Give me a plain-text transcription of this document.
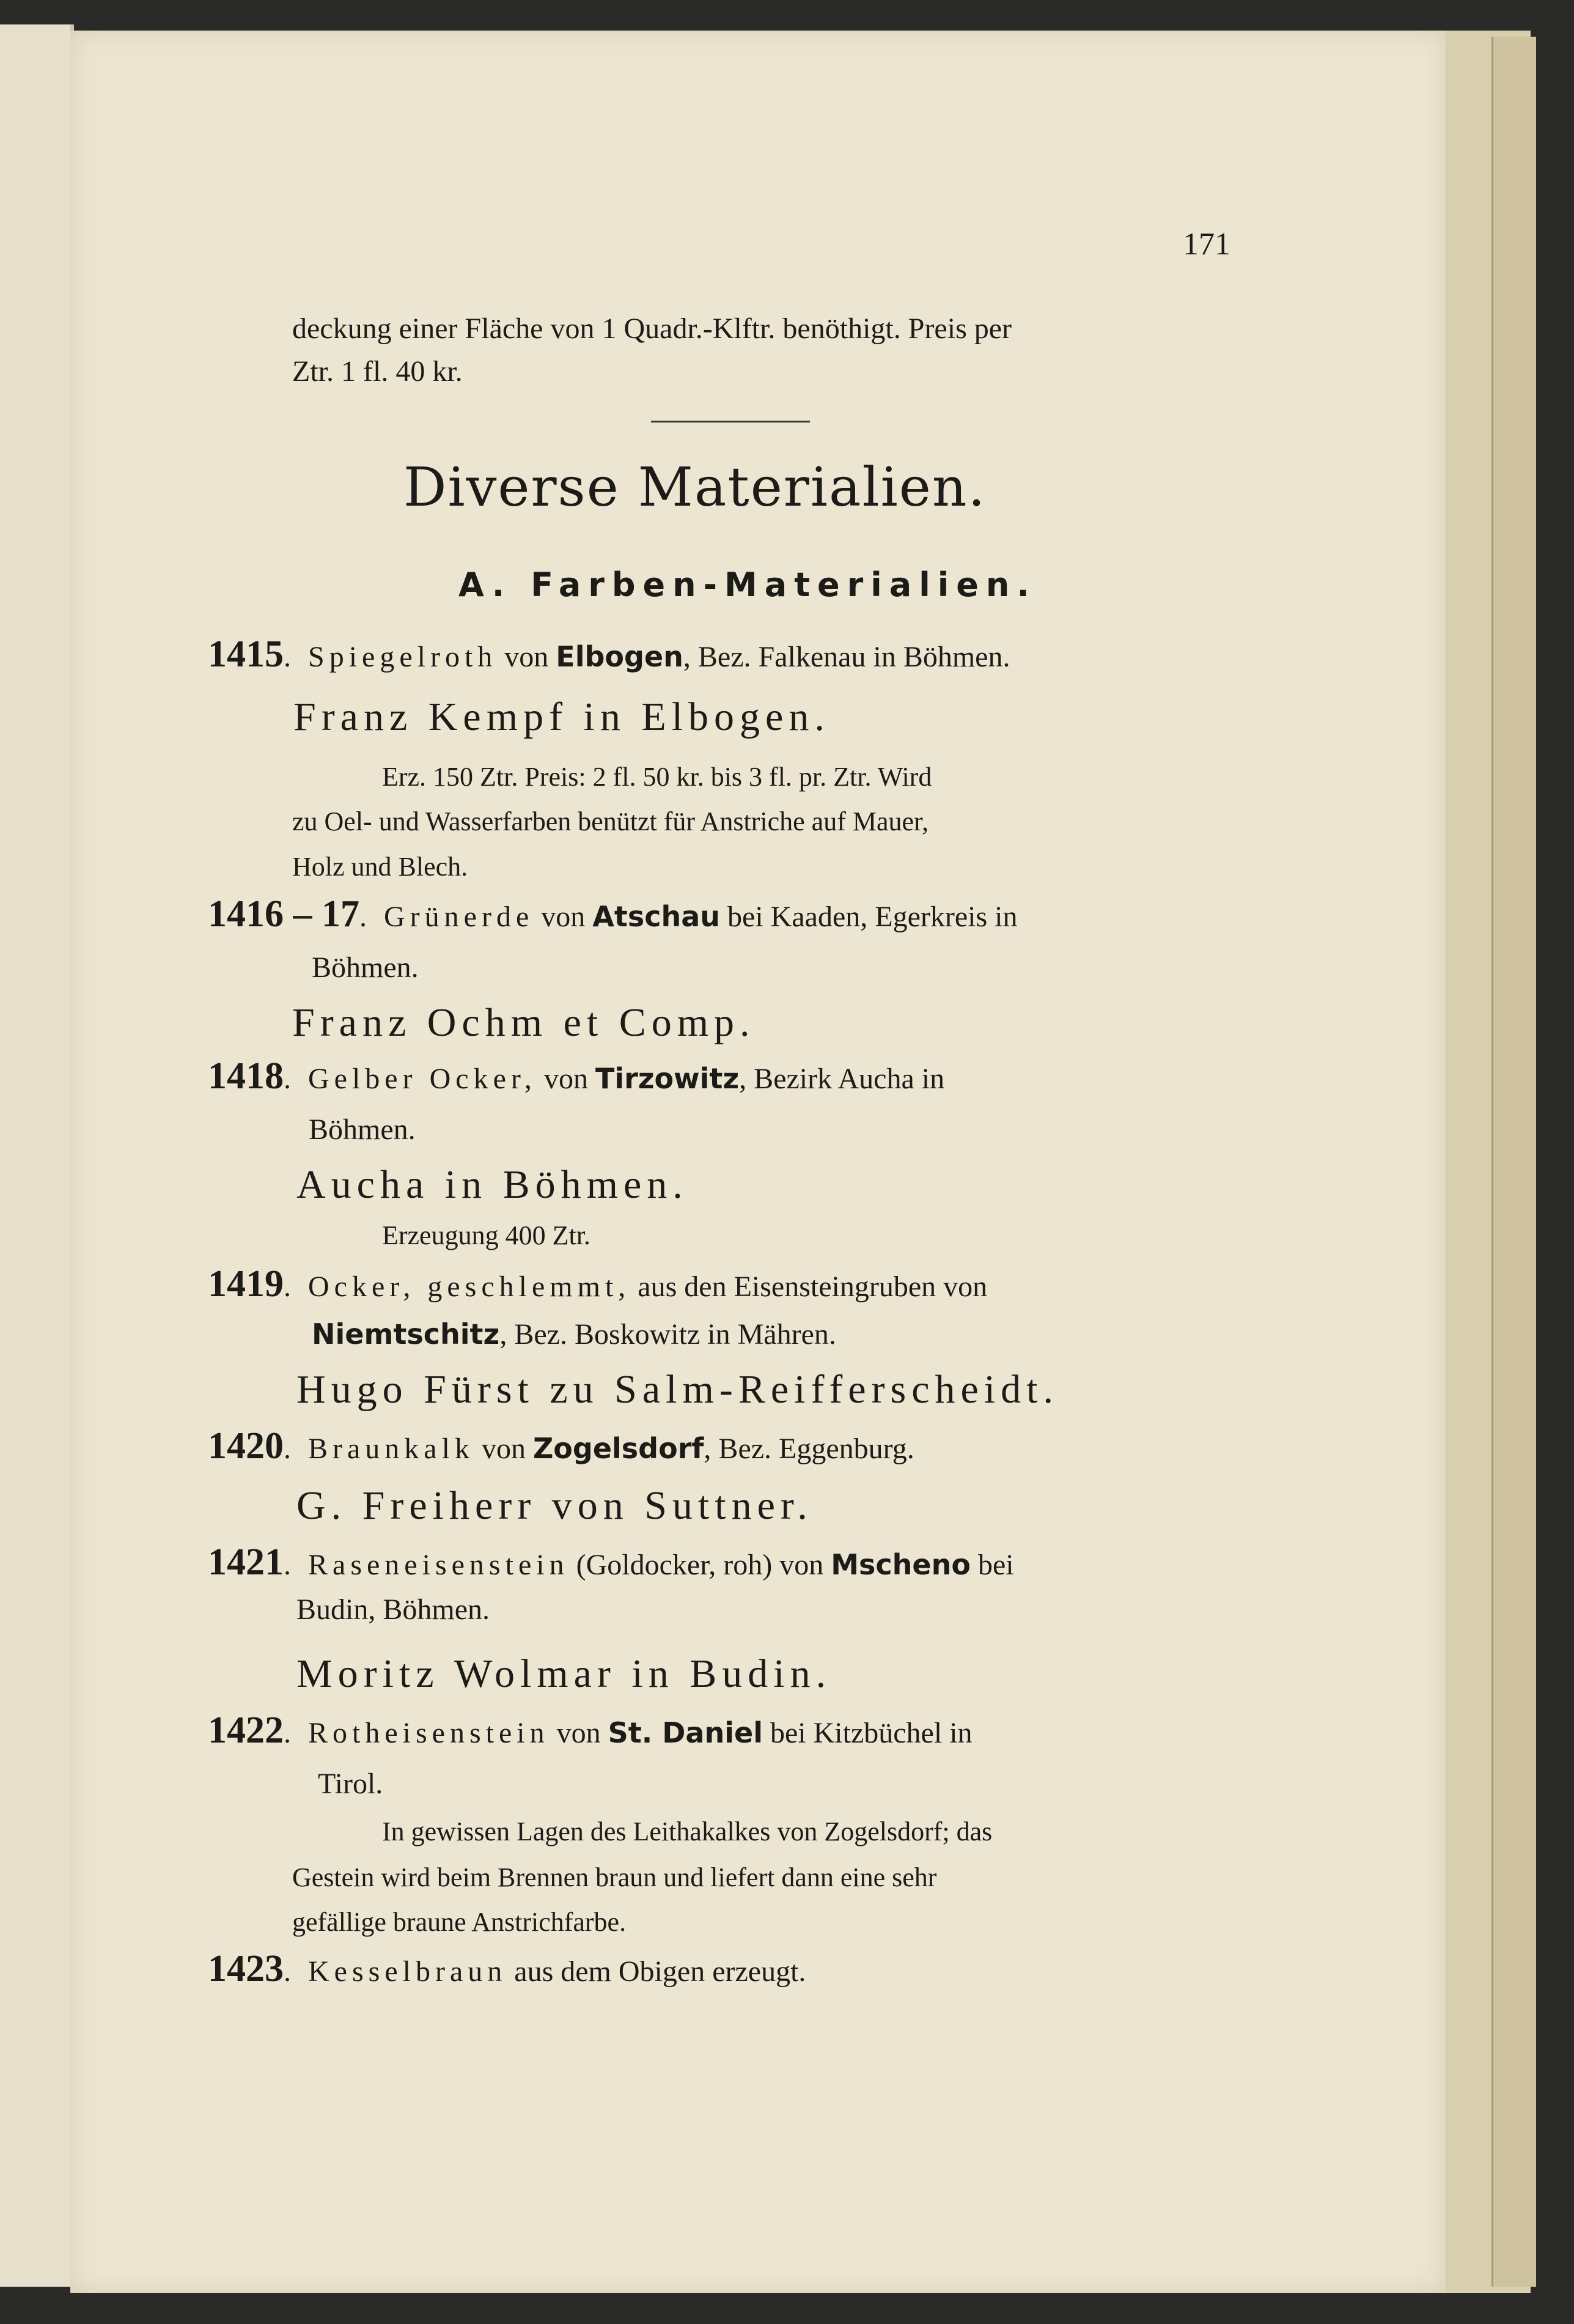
171
deckung einer Fläche von 1 Quadr.-Klftr. benöthigt. Preis per
Ztr. 1 fl. 40 kr.
Diverse Materialien.
A. Farben-Materialien.
1415. Spiegelroth von Elbogen, Bez. Falkenau in Böhmen.
Franz Kempf in Elbogen.
Erz. 150 Ztr. Preis: 2 fl. 50 kr. bis 3 fl. pr. Ztr. Wird
zu Oel- und Wasserfarben benützt für Anstriche auf Mauer,
Holz und Blech.
1416 – 17. Grünerde von Atschau bei Kaaden, Egerkreis in
Böhmen.
Franz Ochm et Comp.
1418. Gelber Ocker, von Tirzowitz, Bezirk Aucha in
Böhmen.
Aucha in Böhmen.
Erzeugung 400 Ztr.
1419. Ocker, geschlemmt, aus den Eisensteingruben von
Niemtschitz, Bez. Boskowitz in Mähren.
Hugo Fürst zu Salm-Reifferscheidt.
1420. Braunkalk von Zogelsdorf, Bez. Eggenburg.
G. Freiherr von Suttner.
1421. Raseneisenstein (Goldocker, roh) von Mscheno bei
Budin, Böhmen.
Moritz Wolmar in Budin.
1422. Rotheisenstein von St. Daniel bei Kitzbüchel in
Tirol.
In gewissen Lagen des Leithakalkes von Zogelsdorf; das
Gestein wird beim Brennen braun und liefert dann eine sehr
gefällige braune Anstrichfarbe.
1423. Kesselbraun aus dem Obigen erzeugt.
